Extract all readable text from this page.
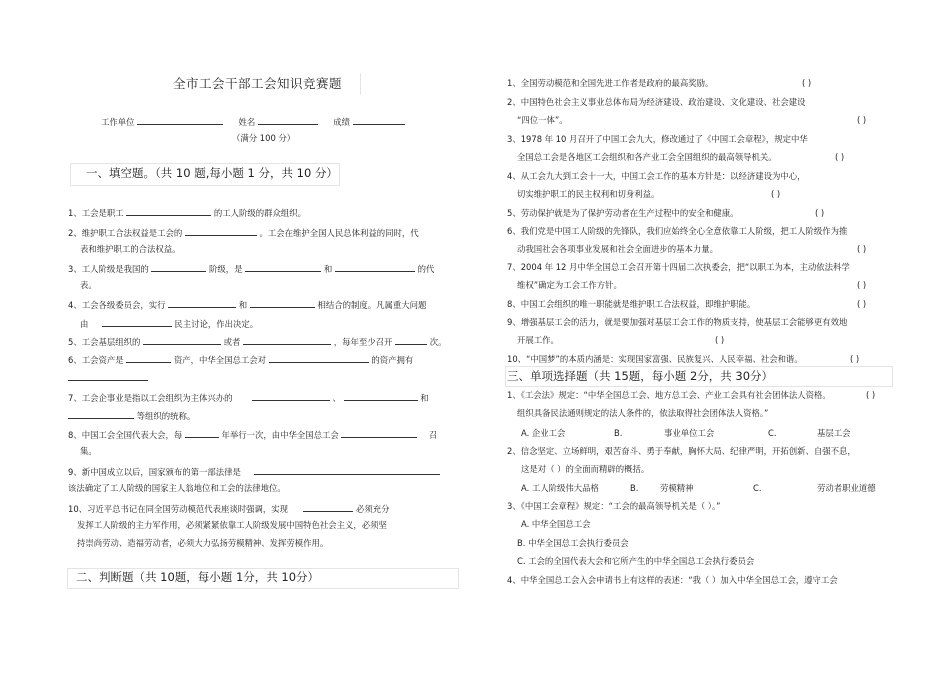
全市工会干部工会知识竞赛题
工作单位	姓名	成绩
（满分 100 分）
一、填空题。（共 10 题,每小题 1 分，共 10 分）
1、工会是职工	的工人阶级的群众组织。
2、维护职工合法权益是工会的	。工会在维护全国人民总体利益的同时，代
表和维护职工的合法权益。
3、工人阶级是我国的	阶级，是	和	的代
表。
4、工会各级委员会，实行	和	相结合的制度。凡属重大问题
由	民主讨论，作出决定。
5、工会基层组织的	或者	，每年至少召开	次。
6、工会资产是	资产，中华全国总工会对	的资产拥有
7、工会企事业是指以工会组织为主体兴办的	、	和
等组织的统称。
8、中国工会全国代表大会，每	年举行一次，由中华全国总工会	召
集。
9、新中国成立以后，国家颁布的第一部法律是
该法确定了工人阶级的国家主人翁地位和工会的法律地位。
10、习近平总书记在同全国劳动模范代表座谈时强调，实现	必须充分
发挥工人阶级的主力军作用，必须紧紧依靠工人阶级发展中国特色社会主义，必须坚
持崇尚劳动、造福劳动者，必须大力弘扬劳模精神、发挥劳模作用。
二、判断题（共 10题，每小题 1分，共 10分）
1、全国劳动模范和全国先进工作者是政府的最高奖励。	( )
2、中国特色社会主义事业总体布局为经济建设、政治建设、文化建设、社会建设
“四位一体”。	( )
3、1978 年 10 月召开了中国工会九大，修改通过了《中国工会章程》，规定中华
全国总工会是各地区工会组织和各产业工会全国组织的最高领导机关。	( )
4、从工会九大到工会十一大，中国工会工作的基本方针是：以经济建设为中心，
切实维护职工的民主权利和切身利益。	( )
5、劳动保护就是为了保护劳动者在生产过程中的安全和健康。	( )
6、我们党是中国工人阶级的先锋队，我们应始终全心全意依靠工人阶级，把工人阶级作为推
动我国社会各项事业发展和社会全面进步的基本力量。	( )
7、2004 年 12 月中华全国总工会召开第十四届二次执委会，把“以职工为本，主动依法科学
维权”确定为工会工作方针。	( )
8、中国工会组织的唯一职能就是维护职工合法权益，即维护职能。	( )
9、增强基层工会的活力，就是要加强对基层工会工作的物质支持，使基层工会能够更有效地
开展工作。	( )
10、“中国梦”的本质内涵是：实现国家富强、民族复兴、人民幸福、社会和谐。	( )
三、单项选择题（共 15题，每小题 2分，共 30分）
1、《工会法》规定：“中华全国总工会、地方总工会、产业工会具有社会团体法人资格。	( )
组织具备民法通则规定的法人条件的，依法取得社会团体法人资格。”
A. 企业工会	B.	事业单位工会	C.	基层工会
2、信念坚定、立场鲜明，艰苦奋斗、勇于奉献，胸怀大局、纪律严明，开拓创新、自强不息，
这是对（ ）的全面而精辟的概括。
A. 工人阶级伟大品格	B.	劳模精神	C.	劳动者职业道德
3、《中国工会章程》规定：“工会的最高领导机关是（ ）。”
A. 中华全国总工会
B. 中华全国总工会执行委员会
C. 工会的全国代表大会和它所产生的中华全国总工会执行委员会
4、中华全国总工会入会申请书上有这样的表述：“我（ ）加入中华全国总工会，遵守工会
